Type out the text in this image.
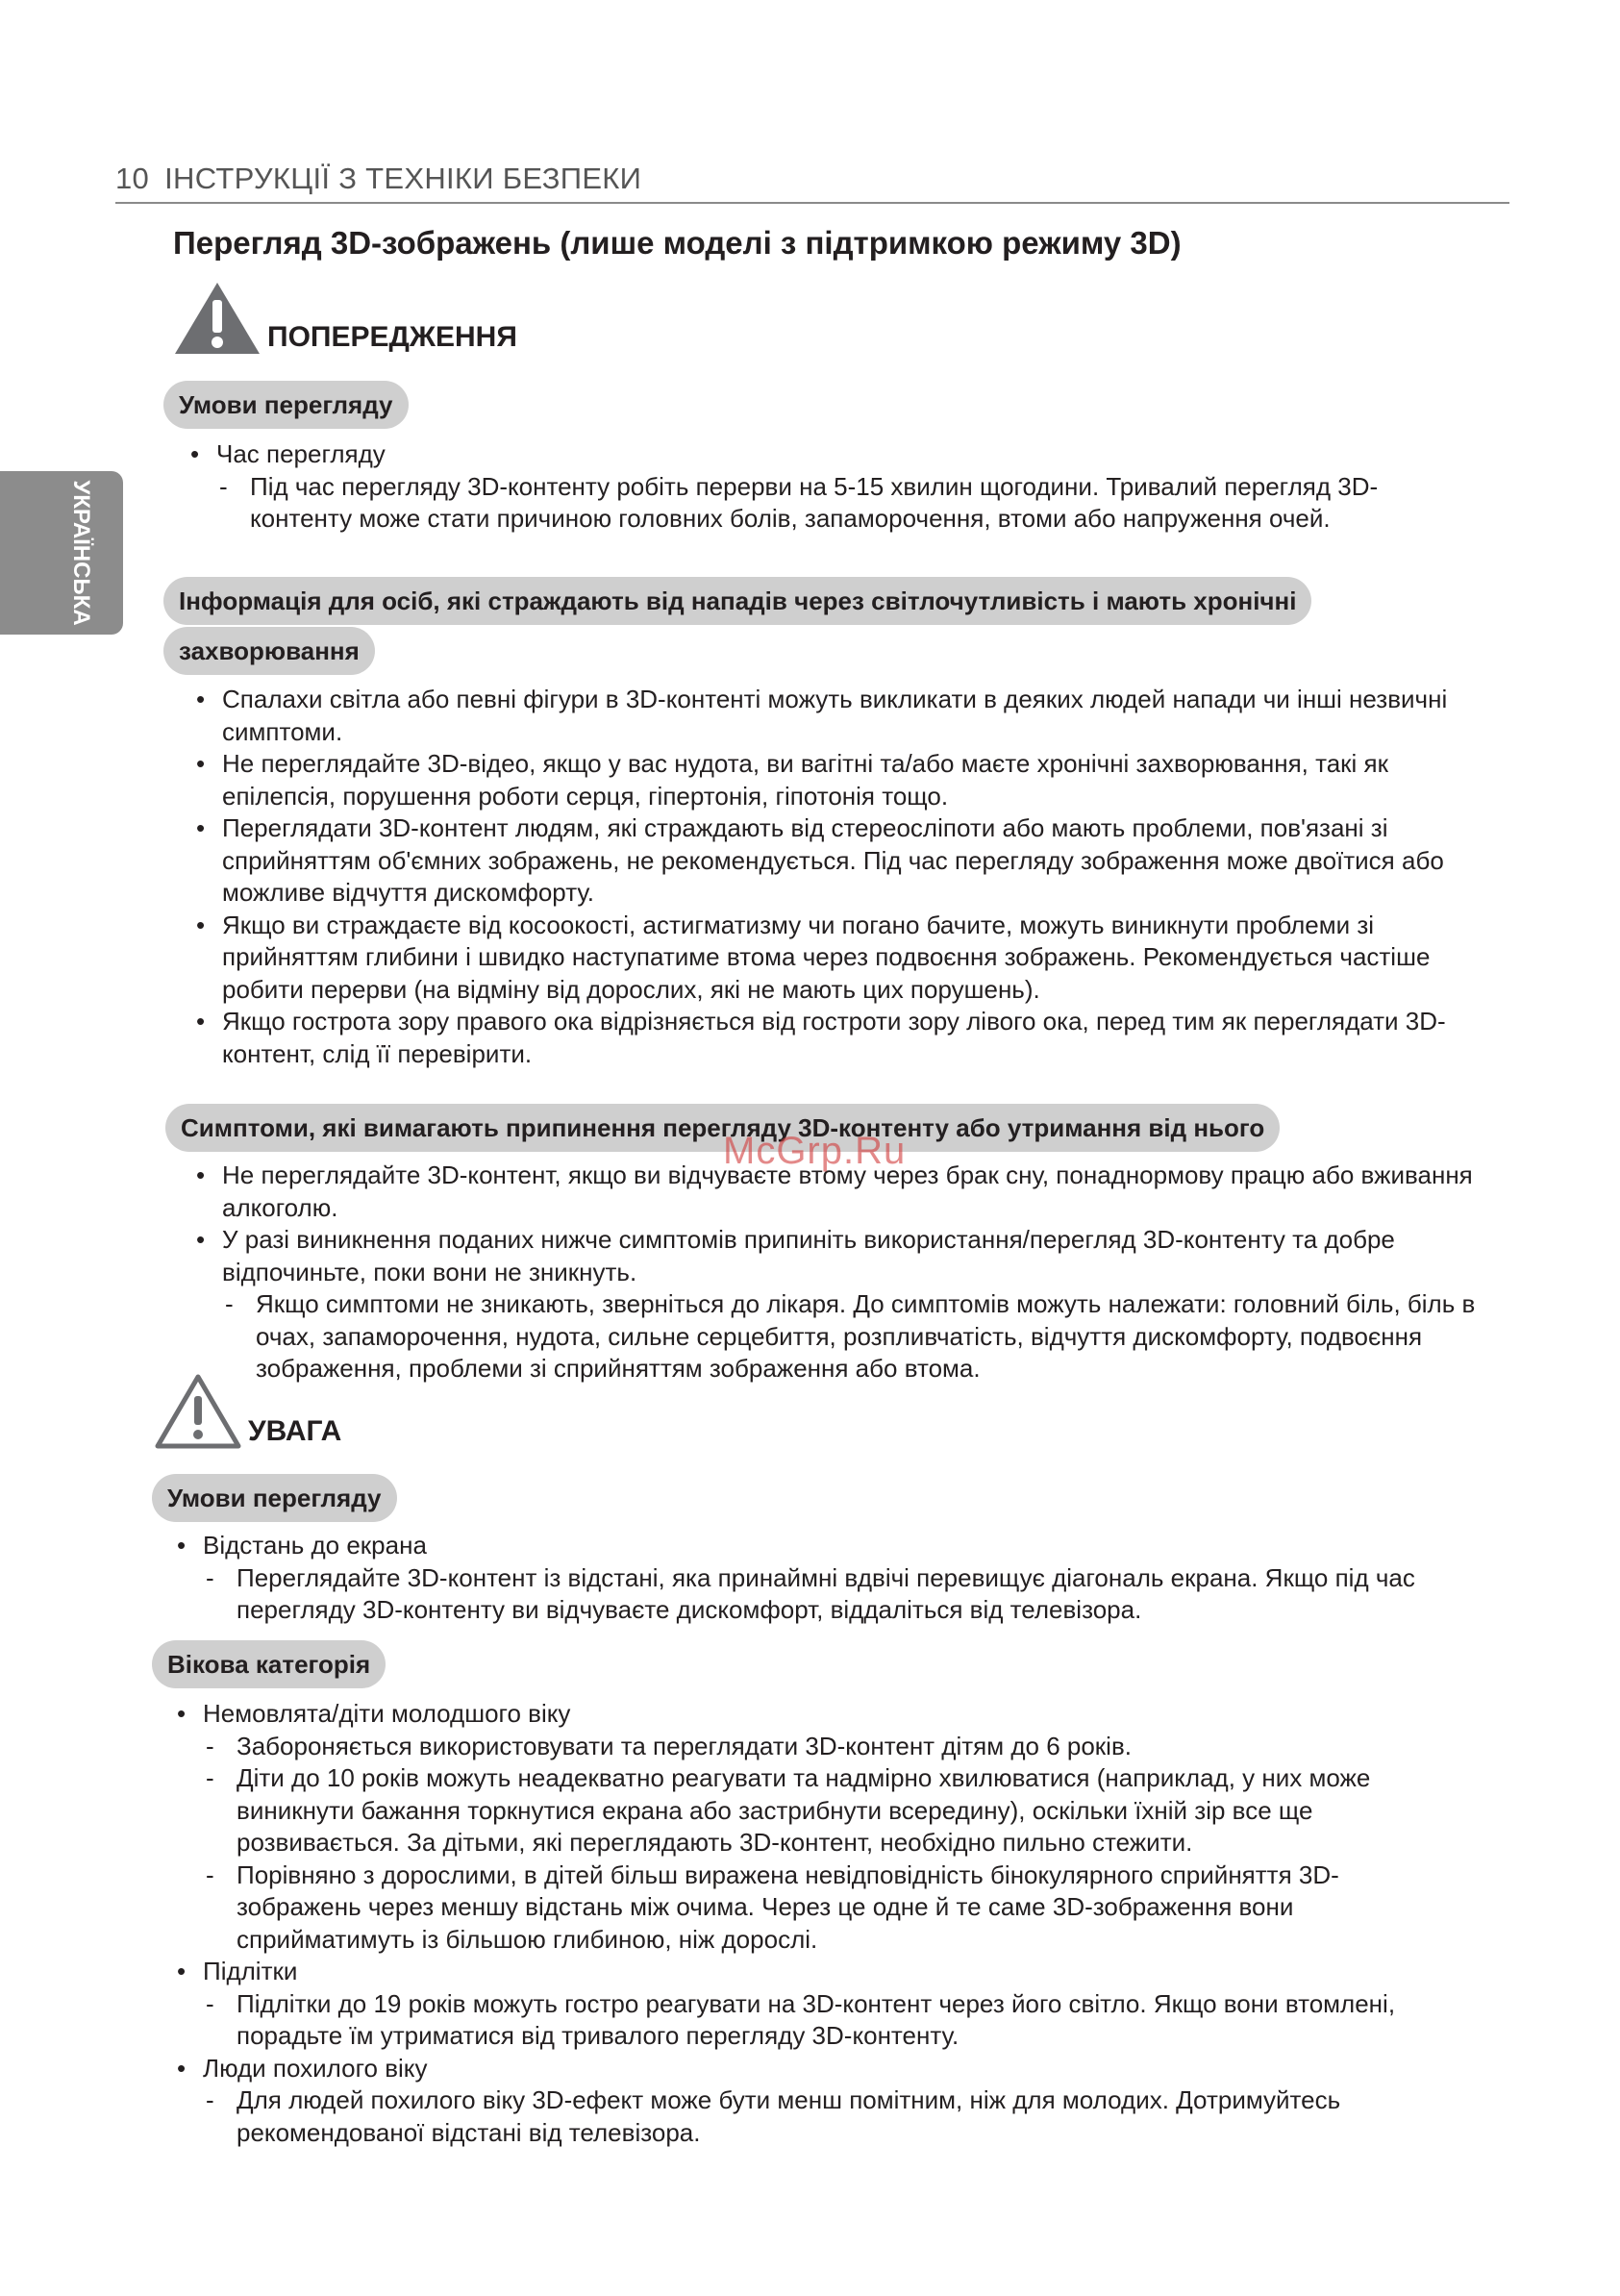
10 ІНСТРУКЦІЇ З ТЕХНІКИ БЕЗПЕКИ
УКРАЇНСЬКА
Перегляд 3D-зображень (лише моделі з підтримкою режиму 3D)
ПОПЕРЕДЖЕННЯ
Умови перегляду
• Час перегляду
- Під час перегляду 3D-контенту робіть перерви на 5-15 хвилин щогодини. Тривалий перегляд 3D-контенту може стати причиною головних болів, запаморочення, втоми або напруження очей.
Інформація для осіб, які страждають від нападів через світлочутливість і мають хронічні
захворювання
• Спалахи світла або певні фігури в 3D-контенті можуть викликати в деяких людей напади чи інші незвичні симптоми.
• Не переглядайте 3D-відео, якщо у вас нудота, ви вагітні та/або маєте хронічні захворювання, такі як епілепсія, порушення роботи серця, гіпертонія, гіпотонія тощо.
• Переглядати 3D-контент людям, які страждають від стереосліпоти або мають проблеми, пов'язані зі сприйняттям об'ємних зображень, не рекомендується. Під час перегляду зображення може двоїтися або можливе відчуття дискомфорту.
• Якщо ви страждаєте від косоокості, астигматизму чи погано бачите, можуть виникнути проблеми зі прийняттям глибини і швидко наступатиме втома через подвоєння зображень. Рекомендується частіше робити перерви (на відміну від дорослих, які не мають цих порушень).
• Якщо гострота зору правого ока відрізняється від гостроти зору лівого ока, перед тим як переглядати 3D-контент, слід її перевірити.
Симптоми, які вимагають припинення перегляду 3D-контенту або утримання від нього
• Не переглядайте 3D-контент, якщо ви відчуваєте втому через брак сну, понаднормову працю або вживання алкоголю.
• У разі виникнення поданих нижче симптомів припиніть використання/перегляд 3D-контенту та добре відпочиньте, поки вони не зникнуть.
- Якщо симптоми не зникають, зверніться до лікаря. До симптомів можуть належати: головний біль, біль в очах, запаморочення, нудота, сильне серцебиття, розпливчатість, відчуття дискомфорту, подвоєння зображення, проблеми зі сприйняттям зображення або втома.
УВАГА
Умови перегляду
• Відстань до екрана
- Переглядайте 3D-контент із відстані, яка принаймні вдвічі перевищує діагональ екрана. Якщо під час перегляду 3D-контенту ви відчуваєте дискомфорт, віддаліться від телевізора.
Вікова категорія
• Немовлята/діти молодшого віку
- Забороняється використовувати та переглядати 3D-контент дітям до 6 років.
- Діти до 10 років можуть неадекватно реагувати та надмірно хвилюватися (наприклад, у них може виникнути бажання торкнутися екрана або застрибнути всередину), оскільки їхній зір все ще розвивається. За дітьми, які переглядають 3D-контент, необхідно пильно стежити.
- Порівняно з дорослими, в дітей більш виражена невідповідність бінокулярного сприйняття 3D-зображень через меншу відстань між очима. Через це одне й те саме 3D-зображення вони сприйматимуть із більшою глибиною, ніж дорослі.
• Підлітки
- Підлітки до 19 років можуть гостро реагувати на 3D-контент через його світло. Якщо вони втомлені, порадьте їм утриматися від тривалого перегляду 3D-контенту.
• Люди похилого віку
- Для людей похилого віку 3D-ефект може бути менш помітним, ніж для молодих. Дотримуйтесь рекомендованої відстані від телевізора.
McGrp.Ru
